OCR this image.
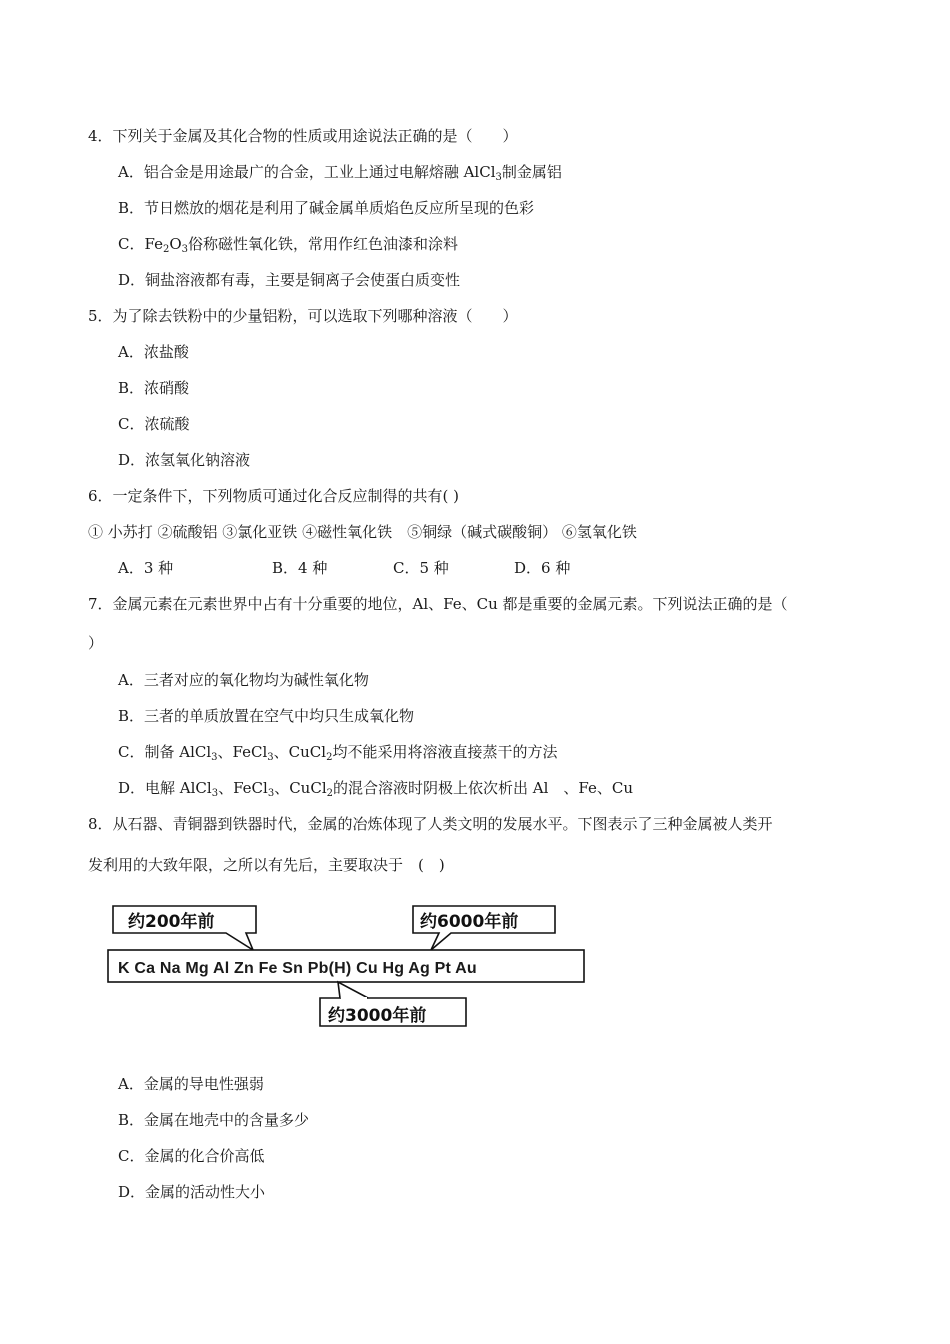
4．下列关于金属及其化合物的性质或用途说法正确的是（　　）
A．铝合金是用途最广的合金，工业上通过电解熔融 AlCl$_3$制金属铝
B．节日燃放的烟花是利用了碱金属单质焰色反应所呈现的色彩
C．$Fe_2O_3$俗称磁性氧化铁，常用作红色油漆和涂料
D．铜盐溶液都有毒，主要是铜离子会使蛋白质变性
5．为了除去铁粉中的少量铝粉，可以选取下列哪种溶液（　　）
A．浓盐酸
B．浓硝酸
C．浓硫酸
D．浓氢氧化钠溶液
6．一定条件下，下列物质可通过化合反应制得的共有( )
① 小苏打 ②硫酸铝 ③氯化亚铁 ④磁性氧化铁　⑤铜绿（碱式碳酸铜） ⑥氢氧化铁
A．3 种	B．4 种	C．5 种	D．6 种
7．金属元素在元素世界中占有十分重要的地位，Al、Fe、Cu 都是重要的金属元素。下列说法正确的是（
）
A．三者对应的氧化物均为碱性氧化物
B．三者的单质放置在空气中均只生成氧化物
C．制备 AlCl$_3$、FeCl$_3$、CuCl$_2$均不能采用将溶液直接蒸干的方法
D．电解 AlCl$_3$、FeCl$_3$、CuCl$_2$的混合溶液时阴极上依次析出 Al　、Fe、Cu
8．从石器、青铜器到铁器时代，金属的冶炼体现了人类文明的发展水平。下图表示了三种金属被人类开
发利用的大致年限，之所以有先后，主要取决于　(　)
约200年前	约6000年前
K Ca Na Mg Al Zn Fe Sn Pb(H) Cu Hg Ag Pt Au
约3000年前
A．金属的导电性强弱
B．金属在地壳中的含量多少
C．金属的化合价高低
D．金属的活动性大小
